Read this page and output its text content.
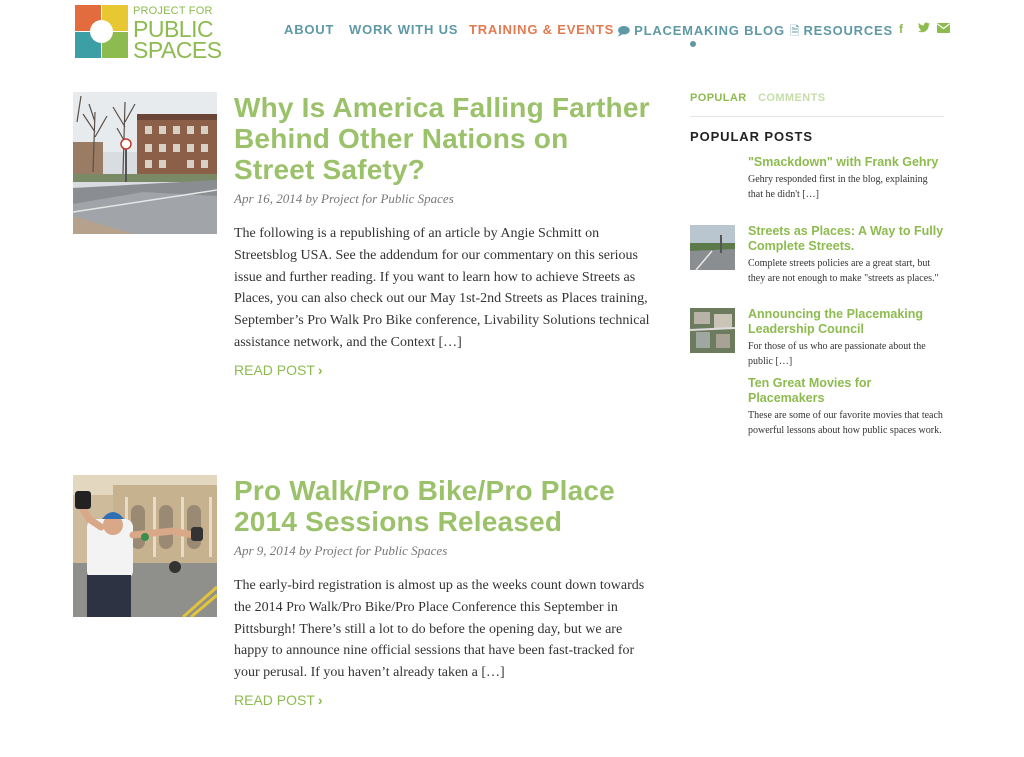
PROJECT FOR
PUBLIC
SPACES
ABOUT WORK WITH US TRAINING & EVENTS 🗩 PLACEMAKING BLOG 🗎 RESOURCES f
Why Is America Falling Farther Behind Other Nations on Street Safety?
Apr 16, 2014 by Project for Public Spaces
The following is a republishing of an article by Angie Schmitt on Streetsblog USA. See the addendum for our commentary on this serious issue and further reading. If you want to learn how to achieve Streets as Places, you can also check out our May 1st-2nd Streets as Places training, September’s Pro Walk Pro Bike conference, Livability Solutions technical assistance network, and the Context […]
READ POST ›
Pro Walk/Pro Bike/Pro Place 2014 Sessions Released
Apr 9, 2014 by Project for Public Spaces
The early-bird registration is almost up as the weeks count down towards the 2014 Pro Walk/Pro Bike/Pro Place Conference this September in Pittsburgh! There’s still a lot to do before the opening day, but we are happy to announce nine official sessions that have been fast-tracked for your perusal. If you haven’t already taken a […]
READ POST ›
POPULAR COMMENTS
POPULAR POSTS
"Smackdown" with Frank Gehry
Gehry responded first in the blog, explaining that he didn't […]
Streets as Places: A Way to Fully Complete Streets.
Complete streets policies are a great start, but they are not enough to make "streets as places."
Announcing the Placemaking Leadership Council
For those of us who are passionate about the public […]
Ten Great Movies for Placemakers
These are some of our favorite movies that teach powerful lessons about how public spaces work.
